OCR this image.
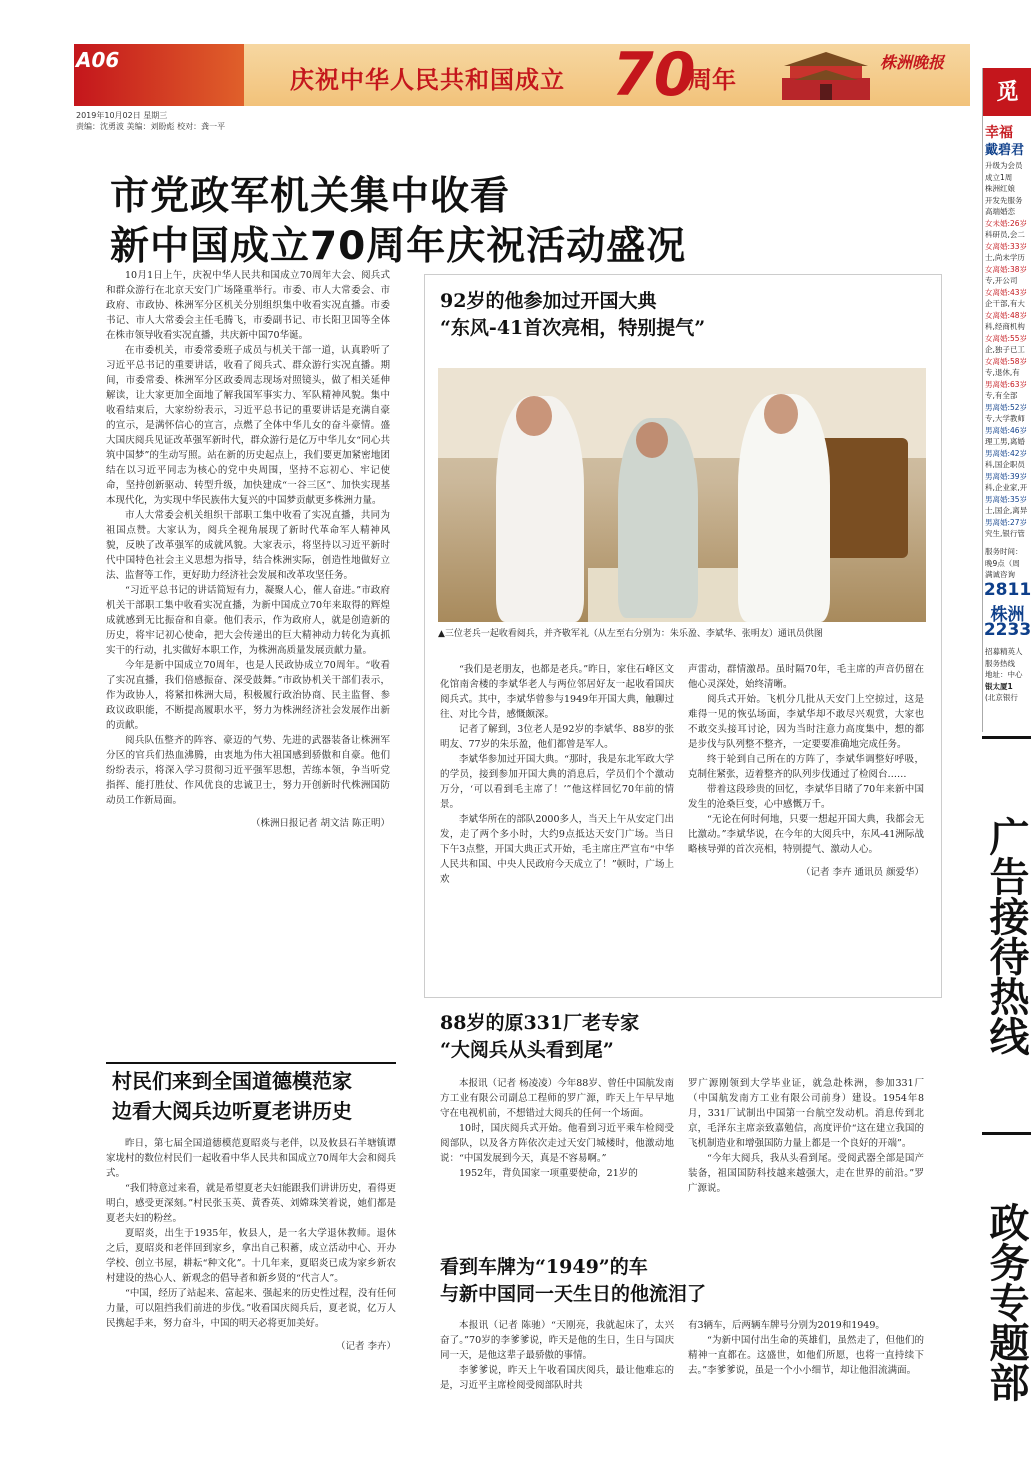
A06
庆祝中华人民共和国成立 70
周年
株洲晚报
2019年10月02日 星期三
责编：沈勇波 美编：刘盼彪 校对：龚一平
市党政军机关集中收看
新中国成立70周年庆祝活动盛况

10月1日上午，庆祝中华人民共和国成立70周年大会、阅兵式和群众游行在北京天安门广场隆重举行。市委、市人大常委会、市政府、市政协、株洲军分区机关分别组织集中收看实况直播。市委书记、市人大常委会主任毛腾飞，市委副书记、市长阳卫国等全体在株市领导收看实况直播，共庆新中国70华诞。

在市委机关，市委常委班子成员与机关干部一道，认真聆听了习近平总书记的重要讲话，收看了阅兵式、群众游行实况直播。期间，市委常委、株洲军分区政委周志现场对照镜头，做了相关延伸解读，让大家更加全面地了解我国军事实力、军队精神风貌。集中收看结束后，大家纷纷表示，习近平总书记的重要讲话是充满自豪的宣示，是满怀信心的宣言，点燃了全体中华儿女的奋斗豪情。盛大国庆阅兵见证改革强军新时代，群众游行是亿万中华儿女“同心共筑中国梦”的生动写照。站在新的历史起点上，我们要更加紧密地团结在以习近平同志为核心的党中央周围，坚持不忘初心、牢记使命，坚持创新驱动、转型升级，加快建成“一谷三区”、加快实现基本现代化，为实现中华民族伟大复兴的中国梦贡献更多株洲力量。

市人大常委会机关组织干部职工集中收看了实况直播，共同为祖国点赞。大家认为，阅兵全视角展现了新时代革命军人精神风貌，反映了改革强军的成就风貌。大家表示，将坚持以习近平新时代中国特色社会主义思想为指导，结合株洲实际，创造性地做好立法、监督等工作，更好助力经济社会发展和改革攻坚任务。

“习近平总书记的讲话简短有力，凝聚人心，催人奋进。”市政府机关干部职工集中收看实况直播，为新中国成立70年来取得的辉煌成就感到无比振奋和自豪。他们表示，作为政府人，就是创造新的历史，将牢记初心使命，把大会传递出的巨大精神动力转化为真抓实干的行动，扎实做好本职工作，为株洲高质量发展贡献力量。

今年是新中国成立70周年，也是人民政协成立70周年。“收看了实况直播，我们倍感振奋、深受鼓舞。”市政协机关干部们表示，作为政协人，将紧扣株洲大局，积极履行政治协商、民主监督、参政议政职能，不断提高履职水平，努力为株洲经济社会发展作出新的贡献。

阅兵队伍整齐的阵容、豪迈的气势、先进的武器装备让株洲军分区的官兵们热血沸腾，由衷地为伟大祖国感到骄傲和自豪。他们纷纷表示，将深入学习贯彻习近平强军思想，苦练本领，争当听党指挥、能打胜仗、作风优良的忠诚卫士，努力开创新时代株洲国防动员工作新局面。

（株洲日报记者 胡文洁 陈正明）
92岁的他参加过开国大典
“东风-41首次亮相，特别提气”
▲三位老兵一起收看阅兵，并齐敬军礼（从左至右分别为：朱乐盈、李斌华、张明友）通讯员供图

“我们是老朋友，也都是老兵。”昨日，家住石峰区文化馆南舍楼的李斌华老人与两位邻居好友一起收看国庆阅兵式。其中，李斌华曾参与1949年开国大典，触聊过往、对比今昔，感慨颇深。

记者了解到，3位老人是92岁的李斌华、88岁的张明友、77岁的朱乐盈，他们都曾是军人。

李斌华参加过开国大典。“那时，我是东北军政大学的学员，接到参加开国大典的消息后，学员们个个激动万分，‘可以看到毛主席了！’”他这样回忆70年前的情景。

李斌华所在的部队2000多人，当天上午从安定门出发，走了两个多小时，大约9点抵达天安门广场。当日下午3点整，开国大典正式开始，毛主席庄严宣布“中华人民共和国、中央人民政府今天成立了！”顿时，广场上欢

声雷动，群情激昂。虽时隔70年，毛主席的声音仍留在他心灵深处，始终清晰。

阅兵式开始。飞机分几批从天安门上空掠过，这是难得一见的恢弘场面，李斌华却不敢尽兴观赏，大家也不敢交头接耳讨论，因为当时注意力高度集中，想的都是步伐与队列整不整齐，一定要要准确地完成任务。

终于轮到自己所在的方阵了，李斌华调整好呼吸，克制住紧张，迈着整齐的队列步伐通过了检阅台……

带着这段珍贵的回忆，李斌华目睹了70年来新中国发生的沧桑巨变，心中感慨万千。

“无论在何时何地，只要一想起开国大典，我都会无比激动。”李斌华说，在今年的大阅兵中，东风-41洲际战略核导弹的首次亮相，特别提气、激动人心。

（记者 李卉 通讯员 颜爱华）
村民们来到全国道德模范家
边看大阅兵边听夏老讲历史

昨日，第七届全国道德模范夏昭炎与老伴，以及攸县石羊塘镇谭家垅村的数位村民们一起收看中华人民共和国成立70周年大会和阅兵式。

“我们特意过来看，就是希望夏老夫妇能跟我们讲讲历史，看得更明白，感受更深刻。”村民张玉英、黄香英、刘嫦珠笑着说，她们都是夏老夫妇的粉丝。

夏昭炎，出生于1935年，攸县人，是一名大学退休教师。退休之后，夏昭炎和老伴回到家乡，拿出自己积蓄，成立活动中心、开办学校、创立书屋，耕耘“种文化”。十几年来，夏昭炎已成为家乡新农村建设的热心人、新观念的倡导者和新乡贤的“代言人”。

“中国，经历了站起来、富起来、强起来的历史性过程，没有任何力量，可以阻挡我们前进的步伐。”收看国庆阅兵后，夏老说，亿万人民携起手来，努力奋斗，中国的明天必将更加美好。

（记者 李卉）
88岁的原331厂老专家
“大阅兵从头看到尾”

本报讯（记者 杨凌凌）今年88岁、曾任中国航发南方工业有限公司副总工程师的罗广源，昨天上午早早地守在电视机前，不想错过大阅兵的任何一个场面。

10时，国庆阅兵式开始。他看到习近平乘车检阅受阅部队，以及各方阵依次走过天安门城楼时，他激动地说：“中国发展到今天，真是不容易啊。”

1952年，背负国家一项重要使命，21岁的

罗广源刚领到大学毕业证，就急赴株洲，参加331厂（中国航发南方工业有限公司前身）建设。1954年8月，331厂试制出中国第一台航空发动机。消息传到北京，毛泽东主席亲致嘉勉信，高度评价“这在建立我国的飞机制造业和增强国防力量上都是一个良好的开端”。

“今年大阅兵，我从头看到尾。受阅武器全部是国产装备，祖国国防科技越来越强大，走在世界的前沿。”罗广源说。

看到车牌为“1949”的车
与新中国同一天生日的他流泪了

本报讯（记者 陈驰）“天刚亮，我就起床了，太兴奋了。”70岁的李爹爹说，昨天是他的生日，生日与国庆同一天，是他这辈子最骄傲的事情。

李爹爹说，昨天上午收看国庆阅兵，最让他难忘的是，习近平主席检阅受阅部队时共

有3辆车，后两辆车牌号分别为2019和1949。

“为新中国付出生命的英雄们，虽然走了，但他们的精神一直都在。这盛世，如他们所愿，也将一直持续下去。”李爹爹说，虽是一个小小细节，却让他泪流满面。

觅
幸福
戴碧君
升级为会员
成立1周
株洲红娘
开发先服务
高端婚恋
女未婚:26岁
科研员,会二
女离婚:33岁
士,尚未学历
女离婚:38岁
专,开公司
女离婚:43岁
企干部,有大
女离婚:48岁
科,经商机构
女离婚:55岁
企,独子已工
女离婚:58岁
专,退休,有
男离婚:63岁
专,有全部
男离婚:52岁
专,大学教师
男离婚:46岁
理工男,离婚
男离婚:42岁
科,国企职员
男离婚:39岁
科,企业家,开
男离婚:35岁
士,国企,离异
男离婚:27岁
究生,银行管
服务时间：
晚9点（周
满诚咨询
2811
株洲
2233
招募精英人
服务热线
地址：中心
银太厦1
(北京银行
广告接待热线
政务专题部
